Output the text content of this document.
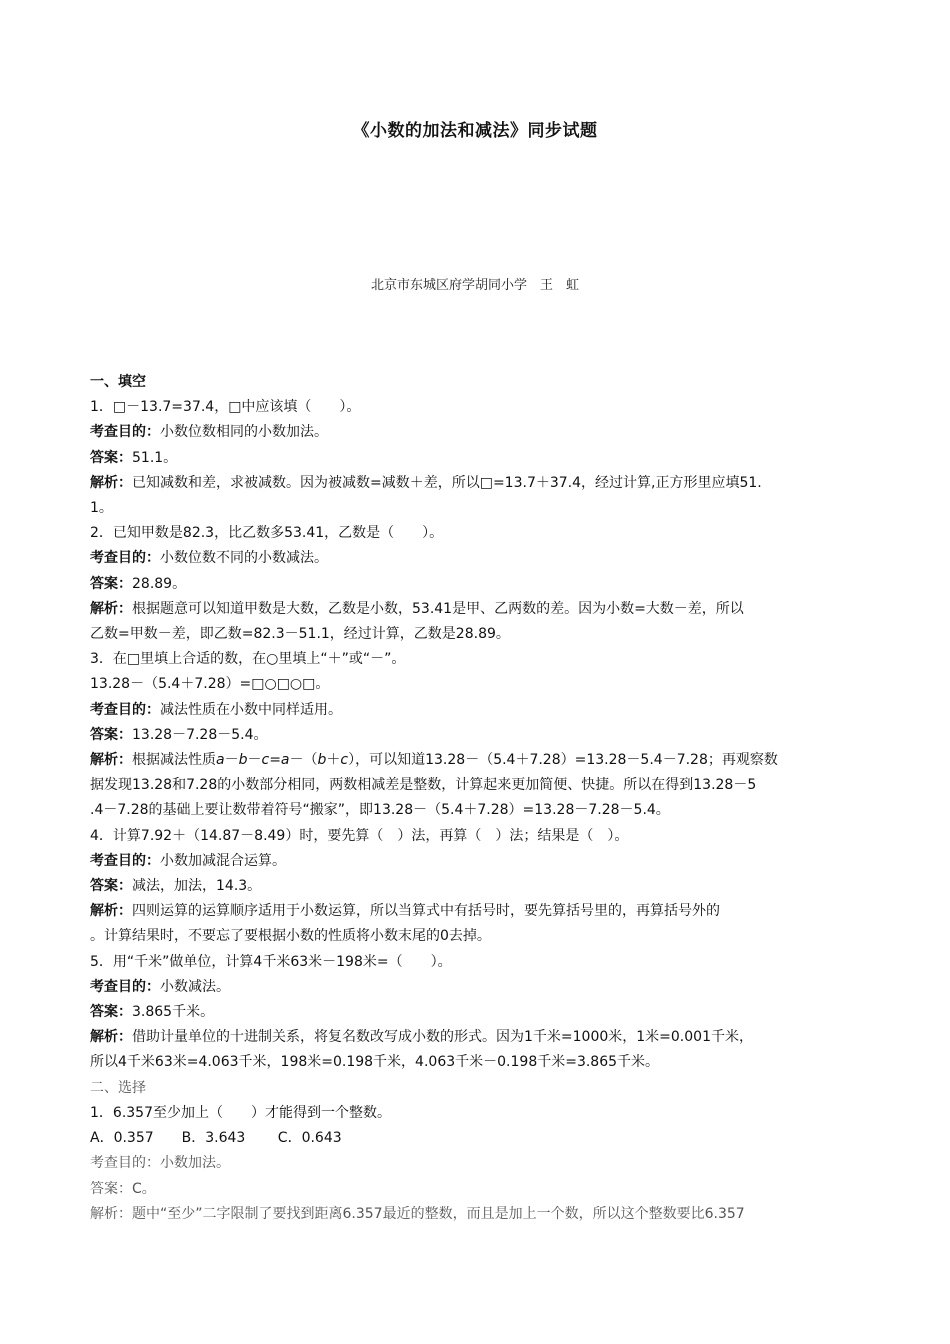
《小数的加法和减法》同步试题
北京市东城区府学胡同小学　王　虹
一、填空
1．□－13.7=37.4，□中应该填（　　）。
考查目的：小数位数相同的小数加法。
答案：51.1。
解析：已知减数和差，求被减数。因为被减数=减数＋差，所以□=13.7＋37.4，经过计算,正方形里应填51.
1。
2．已知甲数是82.3，比乙数多53.41，乙数是（　　）。
考查目的：小数位数不同的小数减法。
答案：28.89。
解析：根据题意可以知道甲数是大数，乙数是小数，53.41是甲、乙两数的差。因为小数=大数－差，所以
乙数=甲数－差，即乙数=82.3－51.1，经过计算，乙数是28.89。
3．在□里填上合适的数，在○里填上“＋”或“－”。
13.28－（5.4＋7.28）=□○□○□。
考查目的：减法性质在小数中同样适用。
答案：13.28－7.28－5.4。
解析：根据减法性质a－b－c=a－（b＋c），可以知道13.28－（5.4＋7.28）=13.28－5.4－7.28；再观察数
据发现13.28和7.28的小数部分相同，两数相减差是整数，计算起来更加简便、快捷。所以在得到13.28－5
.4－7.28的基础上要让数带着符号“搬家”，即13.28－（5.4＋7.28）=13.28－7.28－5.4。
4．计算7.92＋（14.87－8.49）时，要先算（　）法，再算（　）法；结果是（　）。
考查目的：小数加减混合运算。
答案：减法，加法，14.3。
解析：四则运算的运算顺序适用于小数运算，所以当算式中有括号时，要先算括号里的，再算括号外的
。计算结果时，不要忘了要根据小数的性质将小数末尾的0去掉。
5．用“千米”做单位，计算4千米63米－198米=（　　）。
考查目的：小数减法。
答案：3.865千米。
解析：借助计量单位的十进制关系，将复名数改写成小数的形式。因为1千米=1000米，1米=0.001千米，
所以4千米63米=4.063千米，198米=0.198千米，4.063千米－0.198千米=3.865千米。
二、选择
1．6.357至少加上（　　）才能得到一个整数。
A．0.357　　B．3.643　　 C．0.643
考查目的：小数加法。
答案：C。
解析：题中“至少”二字限制了要找到距离6.357最近的整数，而且是加上一个数，所以这个整数要比6.357
